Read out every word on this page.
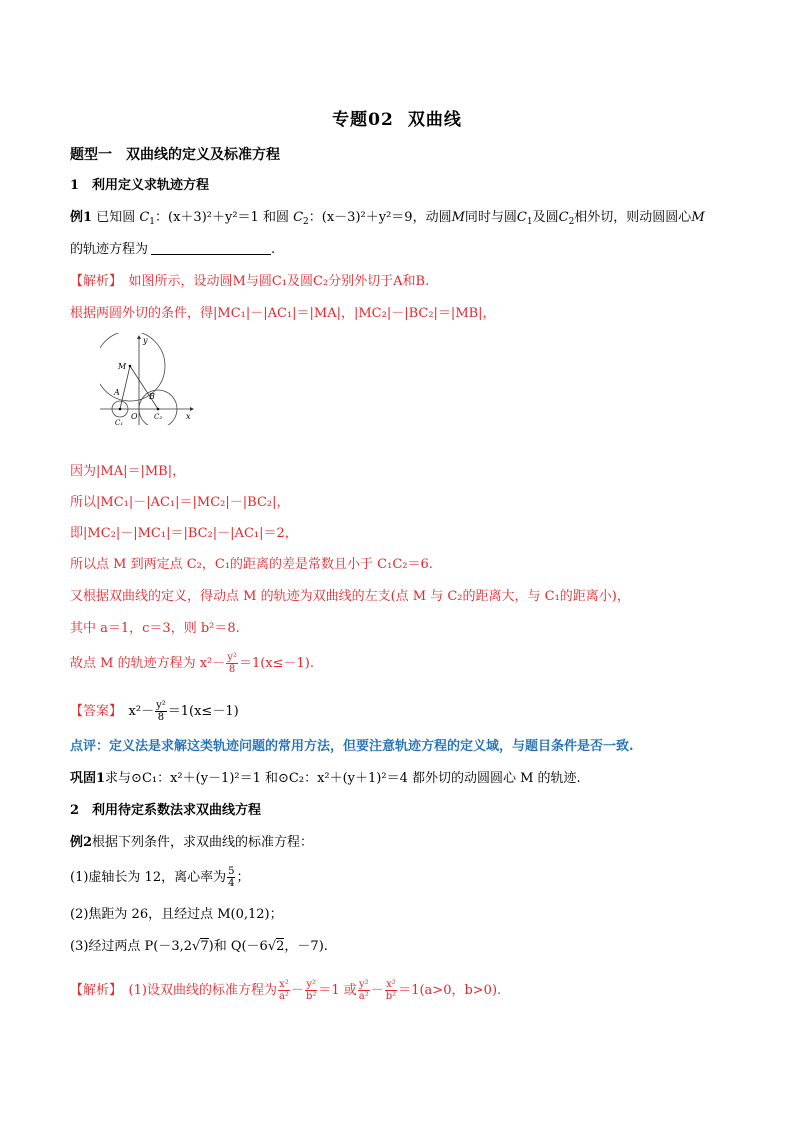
专题02 双曲线
题型一　双曲线的定义及标准方程
1　利用定义求轨迹方程
例1 已知圆 $C_1$：(x＋3)²＋y²＝1 和圆 $C_2$：(x－3)²＋y²＝9，动圆M同时与圆$C_1$及圆$C_2$相外切，则动圆圆心M
的轨迹方程为	.
【解析】　 如图所示，设动圆M与圆C₁及圆C₂分别外切于A和B.
根据两圆外切的条件，得|MC₁|－|AC₁|＝|MA|，|MC₂|－|BC₂|＝|MB|，
M
A	B
O
C₁
C₂	x
y
因为|MA|＝|MB|，
所以|MC₁|－|AC₁|＝|MC₂|－|BC₂|，
即|MC₂|－|MC₁|＝|BC₂|－|AC₁|＝2，
所以点 M 到两定点 C₂，C₁的距离的差是常数且小于 C₁C₂＝6.
又根据双曲线的定义，得动点 M 的轨迹为双曲线的左支(点 M 与 C₂的距离大，与 C₁的距离小)，
其中 a＝1，c＝3，则 b²＝8.
故点 M 的轨迹方程为 $x^2- \frac{\text{y²}}{8} =1(x\le-1)$.
【答案】　 $x^2- \frac{\text{y²}}{8} =1(x\le-1)$
点评：定义法是求解这类轨迹问题的常用方法，但要注意轨迹方程的定义域，与题目条件是否一致.
巩固1求与⊙C₁：x²＋(y－1)²＝1 和⊙C₂：x²＋(y＋1)²＝4 都外切的动圆圆心 M 的轨迹.
2　利用待定系数法求双曲线方程
例2根据下列条件，求双曲线的标准方程：
(1)虚轴长为 12，离心率为 $\frac{5}{4}$ ；
(2)焦距为 26，且经过点 M(0,12)；
(3)经过两点 P(－3,2√7)和 Q(－6√2，－7).
【解析】　 (1)设双曲线的标准方程为 $\frac{\text{x²}}{\text{a²}} - \frac{\text{y²}}{\text{b²}} =1$ 或 $\frac{\text{y²}}{\text{a²}} - \frac{\text{x²}}{\text{b²}} =1(a>0$，b>0).
